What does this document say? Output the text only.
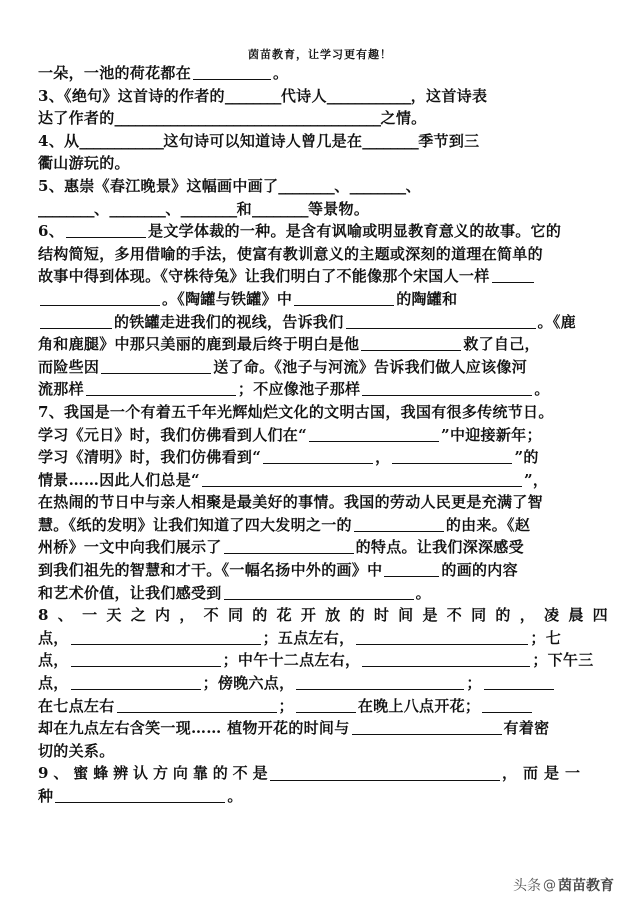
茵苗教育，让学习更有趣！
一朵，一池的荷花都在	。
3、《绝句》这首诗的作者的________代诗人____________，这首诗表
达了作者的______________________________________之情。
4、从____________这句诗可以知道诗人曾几是在________季节到三
衢山游玩的。
5、惠崇《春江晚景》这幅画中画了________、________、
________、________、________和________等景物。
6、	是文学体裁的一种。是含有讽喻或明显教育意义的故事。它的
结构简短，多用借喻的手法，使富有教训意义的主题或深刻的道理在简单的
故事中得到体现。《守株待兔》让我们明白了不能像那个宋国人一样
。《陶罐与铁罐》中	的陶罐和
的铁罐走进我们的视线，告诉我们	。《鹿
角和鹿腿》中那只美丽的鹿到最后终于明白是他	救了自己，
而险些因	送了命。《池子与河流》告诉我们做人应该像河
流那样	；不应像池子那样	。
7、我国是一个有着五千年光辉灿烂文化的文明古国，我国有很多传统节日。
学习《元日》时，我们仿佛看到人们在“	”中迎接新年；
学习《清明》时，我们仿佛看到“	，	”的
情景……因此人们总是“	”，
在热闹的节日中与亲人相聚是最美好的事情。我国的劳动人民更是充满了智
慧。《纸的发明》让我们知道了四大发明之一的	的由来。《赵
州桥》一文中向我们展示了	的特点。让我们深深感受
到我们祖先的智慧和才干。《一幅名扬中外的画》中	的画的内容
和艺术价值，让我们感受到	。
8 、 一 天 之 内 ， 不 同 的 花 开 放 的 时 间 是 不 同 的 ， 凌 晨 四
点，	；五点左右，	；七
点，	；中午十二点左右，	；下午三
点，	；傍晚六点，	；
在七点左右	；	在晚上八点开花；
却在九点左右含笑一现…… 植物开花的时间与	有着密
切的关系。
9 、 蜜 蜂 辨 认 方 向 靠 的 不 是	，而是一
种	。
头条 @ 茵苗教育
